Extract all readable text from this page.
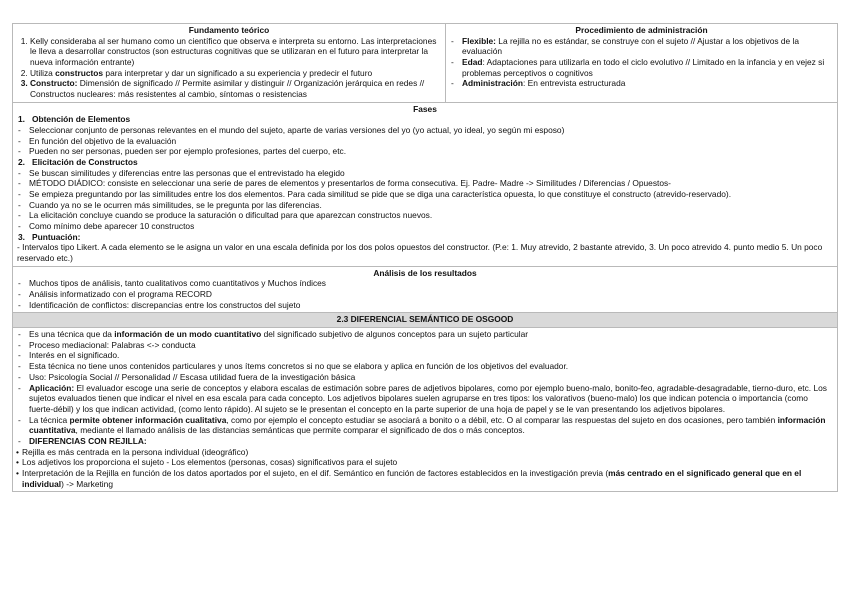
Fundamento teórico
1. Kelly consideraba al ser humano como un científico que observa e interpreta su entorno. Las interpretaciones le lleva a desarrollar constructos (son estructuras cognitivas que se utilizaran en el futuro para interpretar la nueva información entrante)
2. Utiliza constructos para interpretar y dar un significado a su experiencia y predecir el futuro
3. Constructo: Dimensión de significado // Permite asimilar y distinguir // Organización jerárquica en redes // Constructos nucleares: más resistentes al cambio, síntomas o resistencias
Procedimiento de administración
- Flexible: La rejilla no es estándar, se construye con el sujeto // Ajustar a los objetivos de la evaluación
- Edad: Adaptaciones para utilizarla en todo el ciclo evolutivo // Limitado en la infancia y en vejez si problemas perceptivos o cognitivos
- Administración: En entrevista estructurada
Fases
1. Obtención de Elementos
- Seleccionar conjunto de personas relevantes en el mundo del sujeto, aparte de varias versiones del yo (yo actual, yo ideal, yo según mi esposo)
- En función del objetivo de la evaluación
- Pueden no ser personas, pueden ser por ejemplo profesiones, partes del cuerpo, etc.
2. Elicitación de Constructos
- Se buscan similitudes y diferencias entre las personas que el entrevistado ha elegido
- MÉTODO DIÁDICO: consiste en seleccionar una serie de pares de elementos y presentarlos de forma consecutiva. Ej. Padre- Madre -> Similitudes / Diferencias / Opuestos-
- Se empieza preguntando por las similitudes entre los dos elementos. Para cada similitud se pide que se diga una característica opuesta, lo que constituye el constructo (atrevido-reservado).
- Cuando ya no se le ocurren más similitudes, se le pregunta por las diferencias.
- La elicitación concluye cuando se produce la saturación o dificultad para que aparezcan constructos nuevos.
- Como mínimo debe aparecer 10 constructos
3. Puntuación:
- Intervalos tipo Likert. A cada elemento se le asigna un valor en una escala definida por los dos polos opuestos del constructor. (P.e: 1. Muy atrevido, 2 bastante atrevido, 3. Un poco atrevido 4. punto medio 5. Un poco reservado etc.)
Análisis de los resultados
- Muchos tipos de análisis, tanto cualitativos como cuantitativos y Muchos índices
- Análisis informatizado con el programa RECORD
- Identificación de conflictos: discrepancias entre los constructos del sujeto
2.3 DIFERENCIAL SEMÁNTICO DE OSGOOD
- Es una técnica que da información de un modo cuantitativo del significado subjetivo de algunos conceptos para un sujeto particular
- Proceso mediacional: Palabras <-> conducta
- Interés en el significado.
- Esta técnica no tiene unos contenidos particulares y unos ítems concretos si no que se elabora y aplica en función de los objetivos del evaluador.
- Uso: Psicología Social // Personalidad // Escasa utilidad fuera de la investigación básica
- Aplicación: El evaluador escoge una serie de conceptos y elabora escalas de estimación sobre pares de adjetivos bipolares, como por ejemplo bueno-malo, bonito-feo, agradable-desagradable, tierno-duro, etc. Los sujetos evaluados tienen que indicar el nivel en esa escala para cada concepto. Los adjetivos bipolares suelen agruparse en tres tipos: los valorativos (bueno-malo) los que indican potencia o importancia (como fuerte-débil) y los que indican actividad, (como lento rápido). Al sujeto se le presentan el concepto en la parte superior de una hoja de papel y se le van presentando los adjetivos bipolares.
- La técnica permite obtener información cualitativa, como por ejemplo el concepto estudiar se asociará a bonito o a débil, etc. O al comparar las respuestas del sujeto en dos ocasiones, pero también información cuantitativa, mediante el llamado análisis de las distancias semánticas que permite comparar el significado de dos o más conceptos.
- DIFERENCIAS CON REJILLA:
• Rejilla es más centrada en la persona individual (ideográfico)
• Los adjetivos los proporciona el sujeto - Los elementos (personas, cosas) significativos para el sujeto
• Interpretación de la Rejilla en función de los datos aportados por el sujeto, en el dif. Semántico en función de factores establecidos en la investigación previa (más centrado en el significado general que en el individual) -> Marketing
